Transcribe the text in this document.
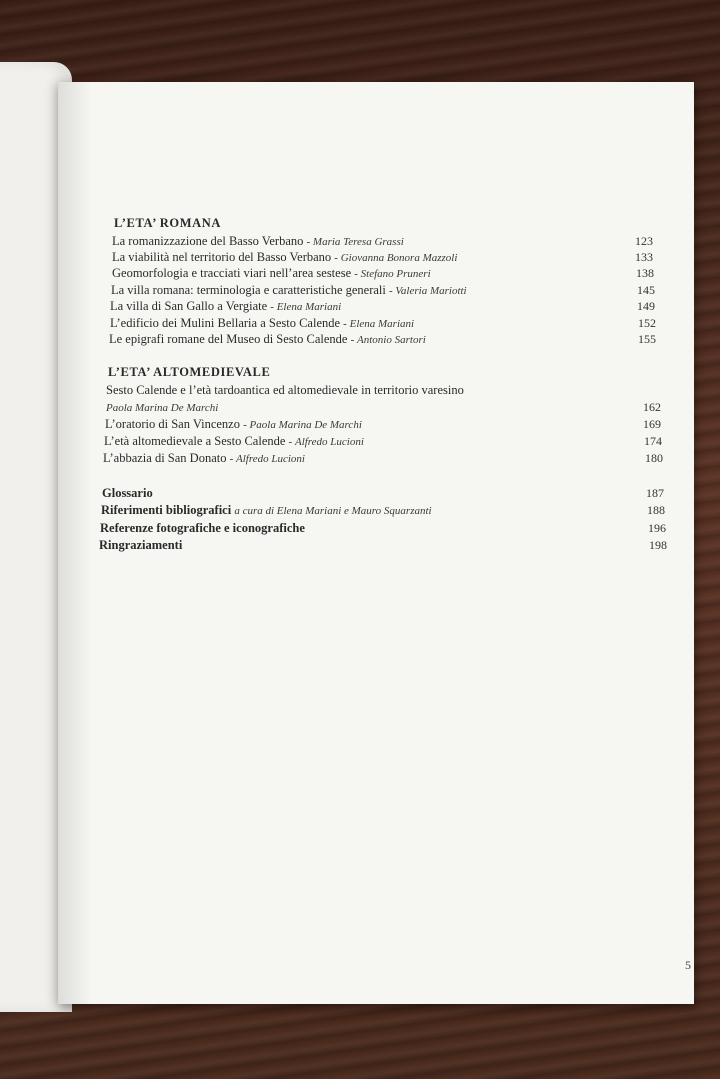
L’ETA’ ROMANA
La romanizzazione del Basso Verbano - Maria Teresa Grassi	123
La viabilità nel territorio del Basso Verbano - Giovanna Bonora Mazzoli	133
Geomorfologia e tracciati viari nell’area sestese - Stefano Pruneri	138
La villa romana: terminologia e caratteristiche generali - Valeria Mariotti	145
La villa di San Gallo a Vergiate - Elena Mariani	149
L’edificio dei Mulini Bellaria a Sesto Calende - Elena Mariani	152
Le epigrafi romane del Museo di Sesto Calende - Antonio Sartori	155
L’ETA’ ALTOMEDIEVALE
Sesto Calende e l’età tardoantica ed altomedievale in territorio varesino
Paola Marina De Marchi	162
L’oratorio di San Vincenzo - Paola Marina De Marchi	169
L’età altomedievale a Sesto Calende - Alfredo Lucioni	174
L’abbazia di San Donato - Alfredo Lucioni	180
Glossario	187
Riferimenti bibliografici a cura di Elena Mariani e Mauro Squarzanti	188
Referenze fotografiche e iconografiche	196
Ringraziamenti	198
5
